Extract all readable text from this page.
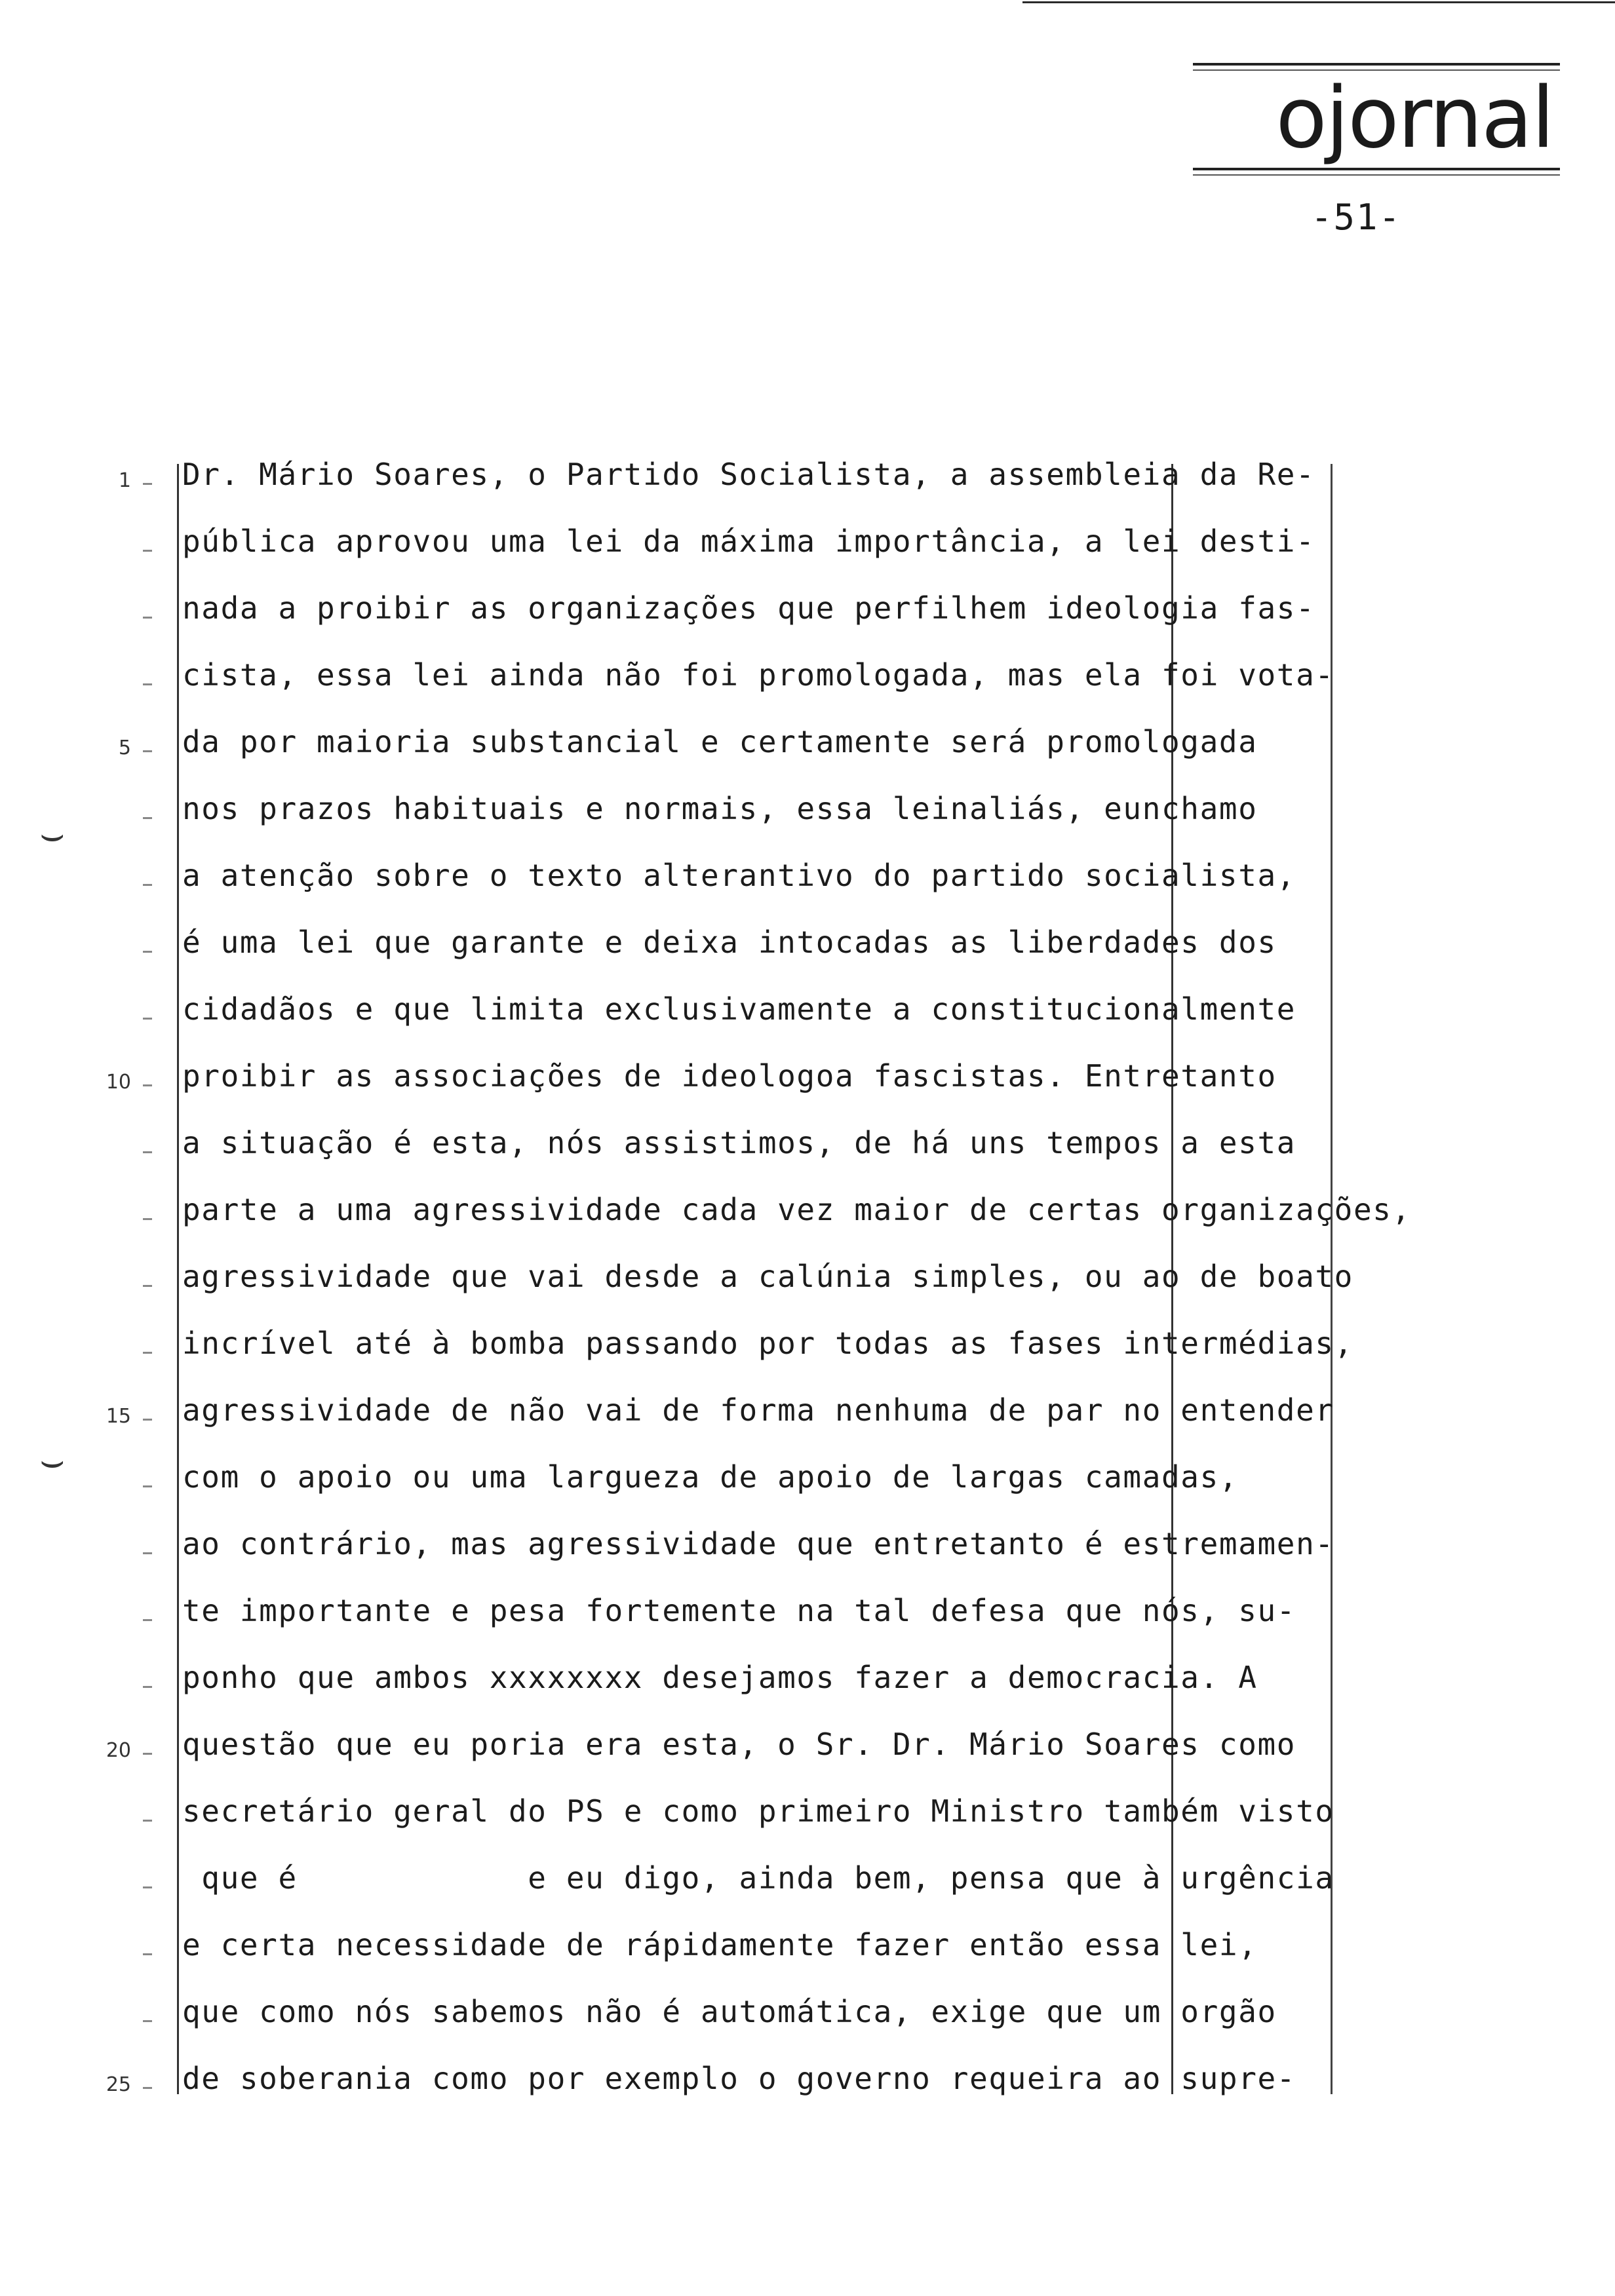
ojornal
-51-
1
5
10
15
20
25
⌣
⌣
Dr. Mário Soares, o Partido Socialista, a assembleia da Re-
pública aprovou uma lei da máxima importância, a lei desti-
nada a proibir as organizações que perfilhem ideologia fas-
cista, essa lei ainda não foi promologada, mas ela foi vota-
da por maioria substancial e certamente será promologada
nos prazos habituais e normais, essa leinaliás, eunchamo
a atenção sobre o texto alterantivo do partido socialista,
é uma lei que garante e deixa intocadas as liberdades dos
cidadãos e que limita exclusivamente a constitucionalmente
proibir as associações de ideologoa fascistas. Entretanto
a situação é esta, nós assistimos, de há uns tempos a esta
parte a uma agressividade cada vez maior de certas organizações,
agressividade que vai desde a calúnia simples, ou ao de boato
incrível até à bomba passando por todas as fases intermédias,
agressividade de não vai de forma nenhuma de par no entender
com o apoio ou uma largueza de apoio de largas camadas,
ao contrário, mas agressividade que entretanto é estremamen-
te importante e pesa fortemente na tal defesa que nós, su-
ponho que ambos xxxxxxxx desejamos fazer a democracia. A
questão que eu poria era esta, o Sr. Dr. Mário Soares como
secretário geral do PS e como primeiro Ministro também visto
que é            e eu digo, ainda bem, pensa que à urgência
e certa necessidade de rápidamente fazer então essa lei,
que como nós sabemos não é automática, exige que um orgão
de soberania como por exemplo o governo requeira ao supre-
